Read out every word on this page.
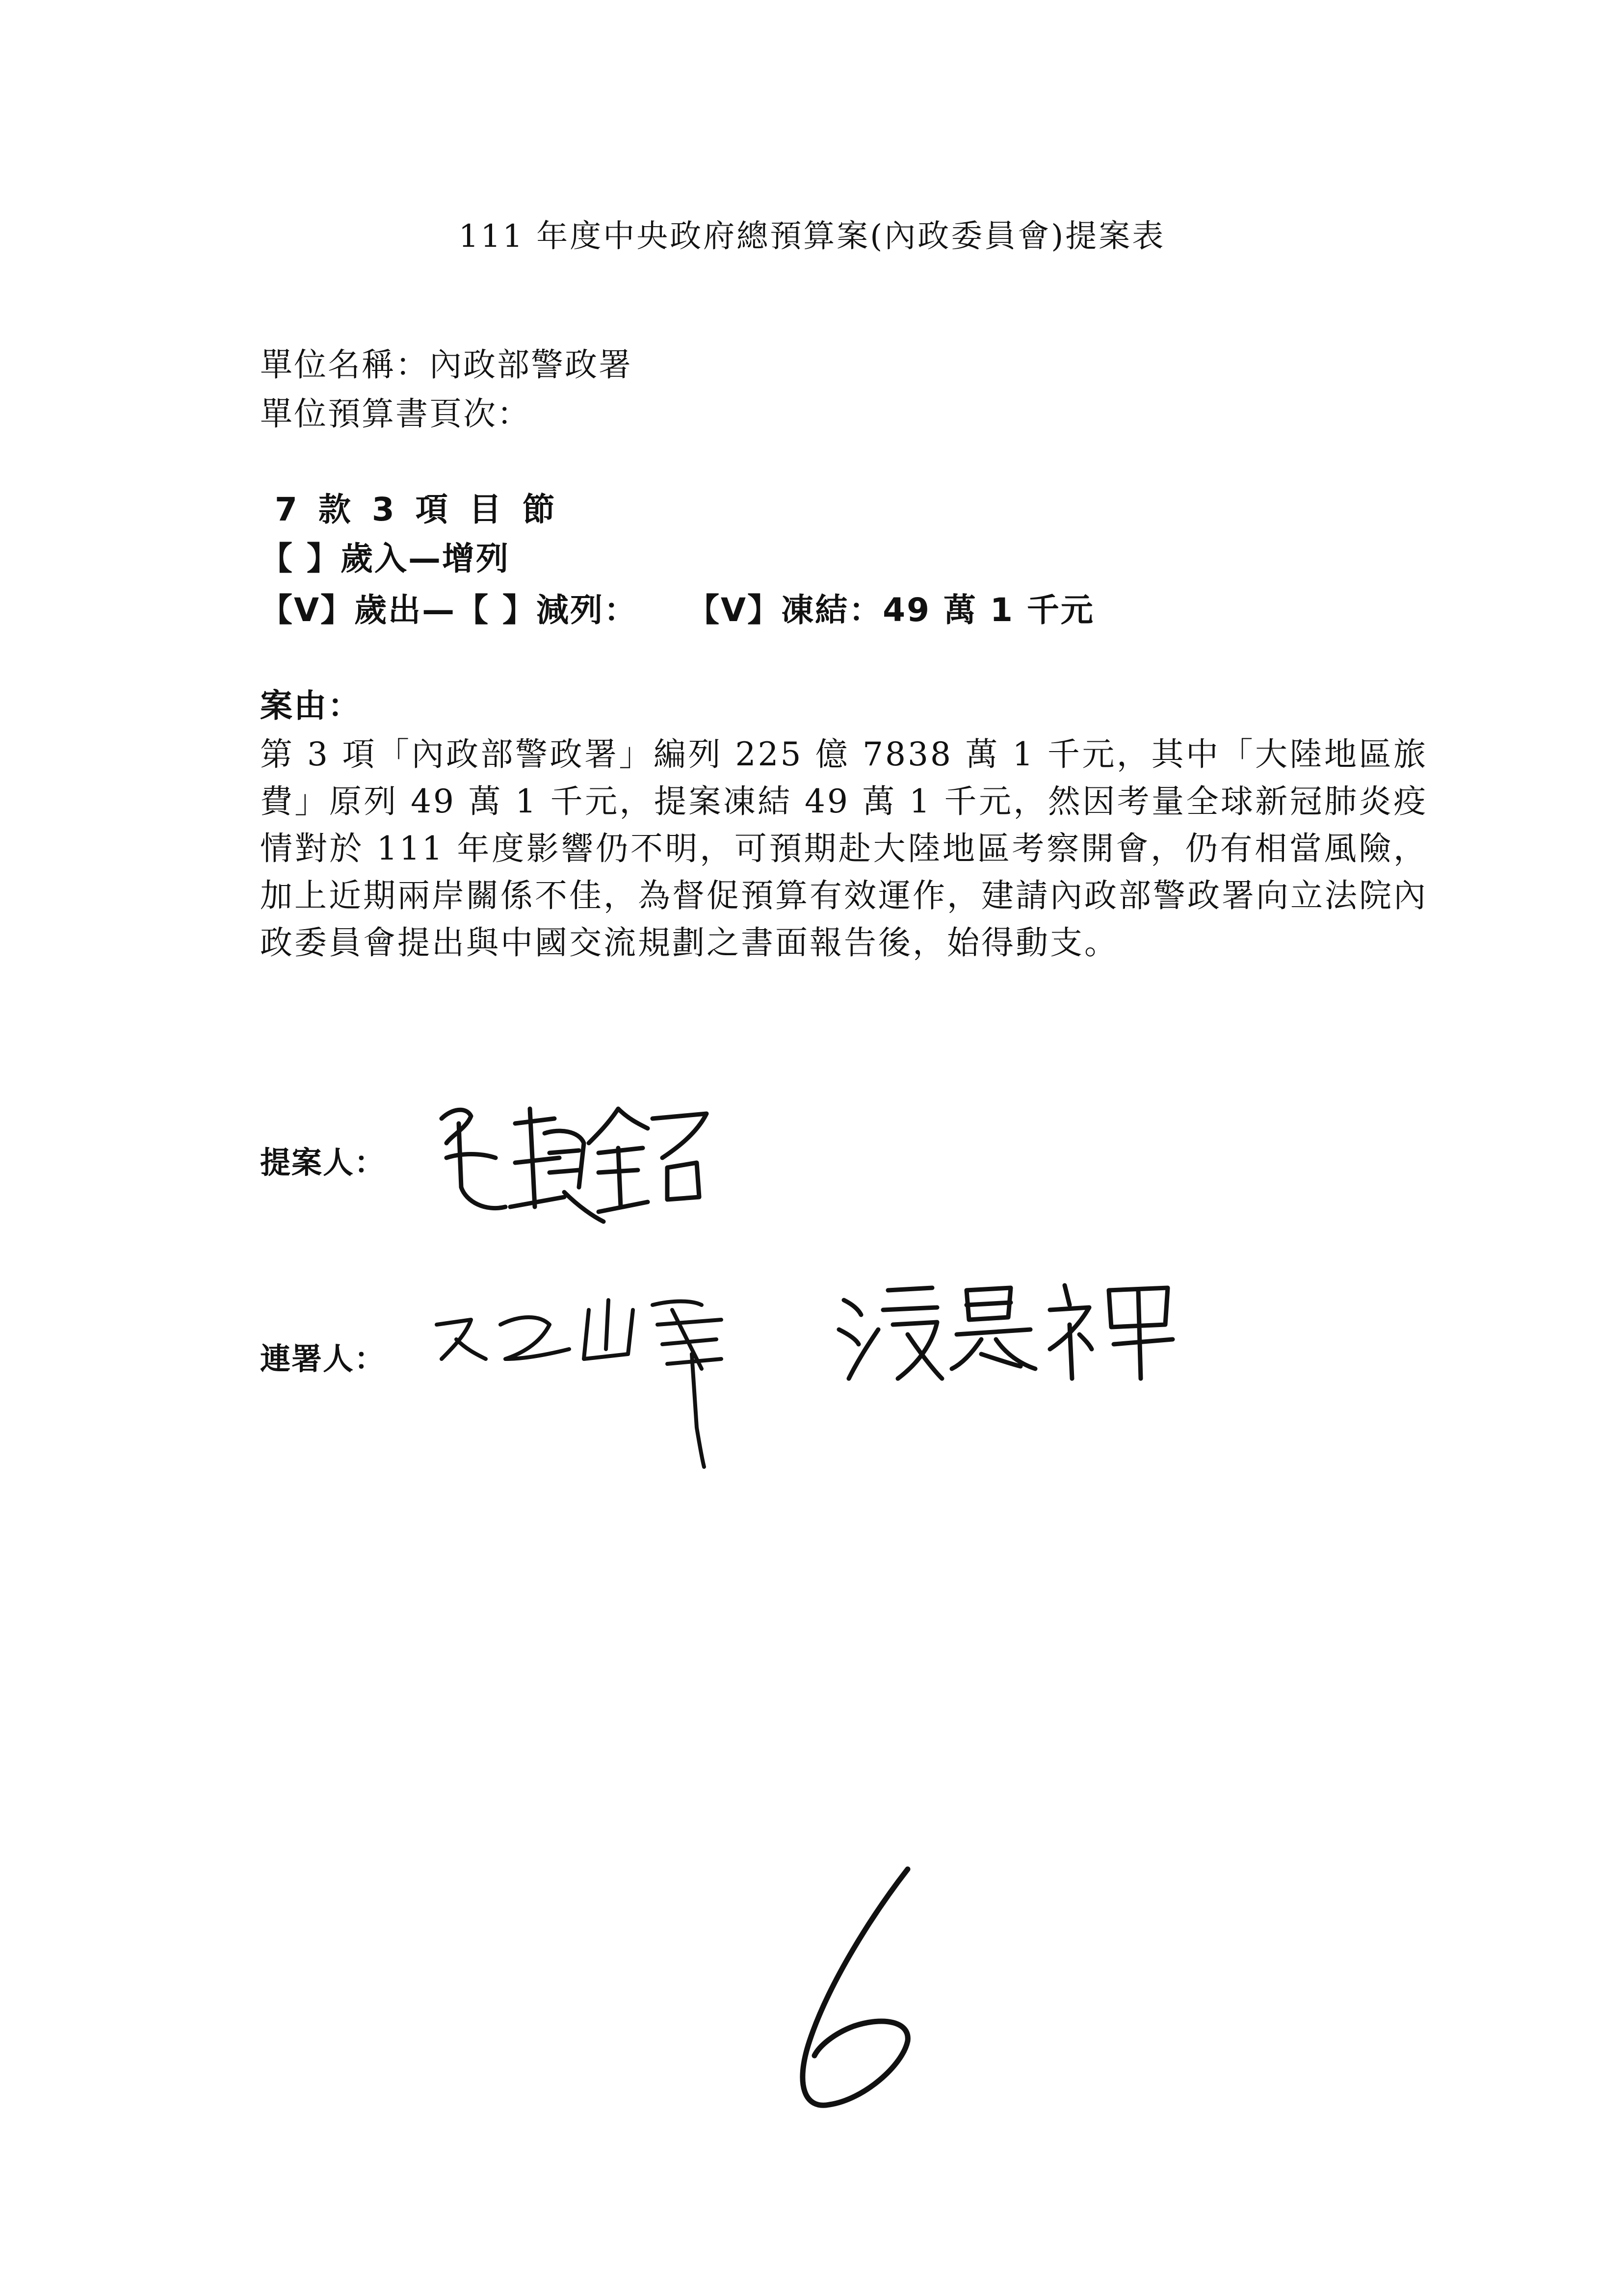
111 年度中央政府總預算案(內政委員會)提案表
單位名稱：內政部警政署
單位預算書頁次：
7 款 3 項 目 節
【 】歲入—增列
【V】歲出—【 】減列： 【V】凍結：49 萬 1 千元
案由：
第 3 項「內政部警政署」編列 225 億 7838 萬 1 千元，其中「大陸地區旅費」原列 49 萬 1 千元，提案凍結 49 萬 1 千元，然因考量全球新冠肺炎疫情對於 111 年度影響仍不明，可預期赴大陸地區考察開會，仍有相當風險，加上近期兩岸關係不佳，為督促預算有效運作，建請內政部警政署向立法院內政委員會提出與中國交流規劃之書面報告後，始得動支。
提案人：
連署人：
